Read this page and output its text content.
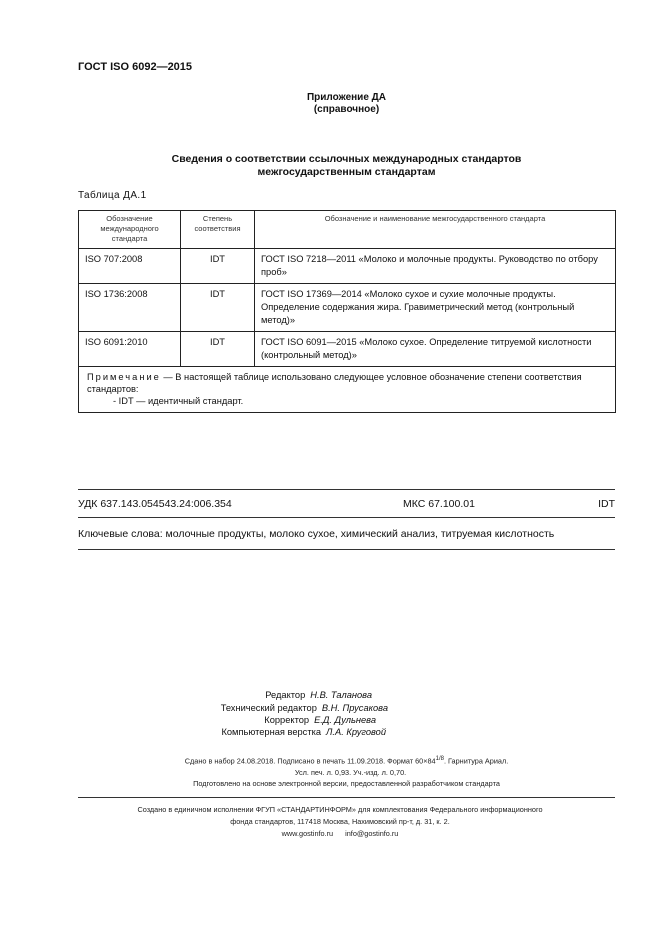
ГОСТ ISO 6092—2015
Приложение ДА
(справочное)
Сведения о соответствии ссылочных международных стандартов
межгосударственным стандартам
Таблица ДА.1
Обозначение международного стандарта	Степень соответствия	Обозначение и наименование межгосударственного стандарта
ISO 707:2008	IDT	ГОСТ ISO 7218—2011 «Молоко и молочные продукты. Руководство по отбору проб»
ISO 1736:2008	IDT	ГОСТ ISO 17369—2014 «Молоко сухое и сухие молочные продукты. Определение содержания жира. Гравиметрический метод (контрольный метод)»
ISO 6091:2010	IDT	ГОСТ ISO 6091—2015 «Молоко сухое. Определение титруемой кислотности (контрольный метод)»
Примечание — В настоящей таблице использовано следующее условное обозначение степени соответствия стандартов:
- IDT — идентичный стандарт.		
УДК 637.143.054543.24:006.354	МКС 67.100.01	IDT
Ключевые слова: молочные продукты, молоко сухое, химический анализ, титруемая кислотность
Редактор Н.В. Таланова
Технический редактор В.Н. Прусакова
Корректор Е.Д. Дульнева
Компьютерная верстка Л.А. Круговой
Сдано в набор 24.08.2018. Подписано в печать 11.09.2018. Формат $60\times 84^{1/8}$. Гарнитура Ариал.
Усл. печ. л. 0,93. Уч.-изд. л. 0,70.
Подготовлено на основе электронной версии, предоставленной разработчиком стандарта
Создано в единичном исполнении ФГУП «СТАНДАРТИНФОРМ» для комплектования Федерального информационного
фонда стандартов, 117418 Москва, Нахимовский пр-т, д. 31, к. 2.
www.gostinfo.ru info@gostinfo.ru
